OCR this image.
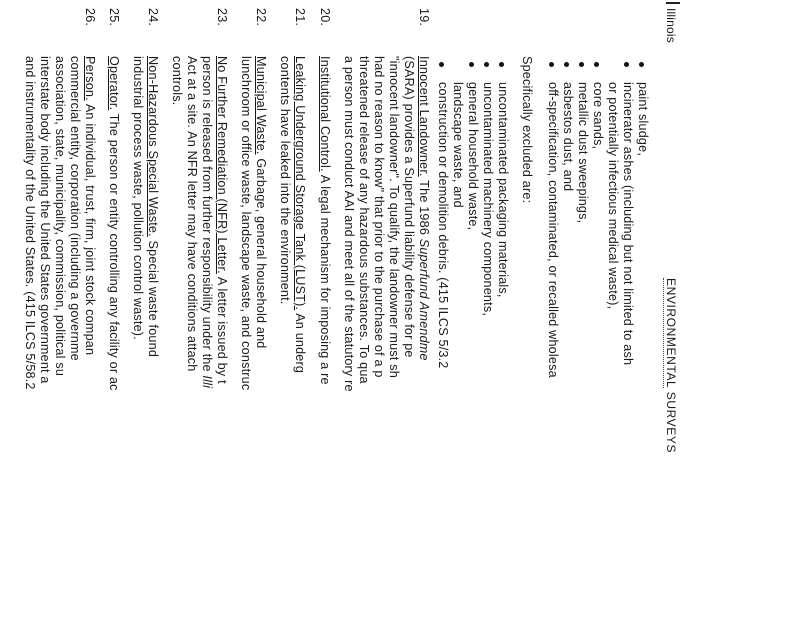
Illinois
ENVIRONMENTAL SURVEYS
paint sludge,
incinerator ashes (including but not limited to ash
or potentially infectious medical waste),
core sands,
metallic dust sweepings,
asbestos dust, and
off-specification, contaminated, or recalled wholesa
Specifically excluded are:
uncontaminated packaging materials,
uncontaminated machinery components,
general household waste,
landscape waste, and
construction or demolition debris. (415 ILCS 5/3.2
19.
Innocent Landowner. The 1986 Superfund Amendme
(SARA) provides a Superfund liability defense for pe
"innocent landowner". To qualify, the landowner must sh
had no reason to know" that prior to the purchase of a p
threatened release of any hazardous substances. To qua
a person must conduct AAI and meet all of the statutory re
20.
Institutional Control. A legal mechanism for imposing a re
21.
Leaking Underground Storage Tank (LUST). An underg
contents have leaked into the environment.
22.
Municipal Waste. Garbage, general household and
lunchroom or office waste, landscape waste, and construc
23.
No Further Remediation (NFR) Letter. A letter issued by t
person is released from further responsibility under the Illi
Act at a site. An NFR letter may have conditions attach
controls.
24.
Non-Hazardous Special Waste. Special waste found
industrial process waste, pollution control waste).
25.
Operator. The person or entity controlling any facility or ac
26.
Person. An individual, trust, firm, joint stock compan
commercial entity, corporation (including a governme
association, state, municipality, commission, political su
interstate body including the United States government a
and instrumentality of the United States. (415 ILCS 5/58.2
